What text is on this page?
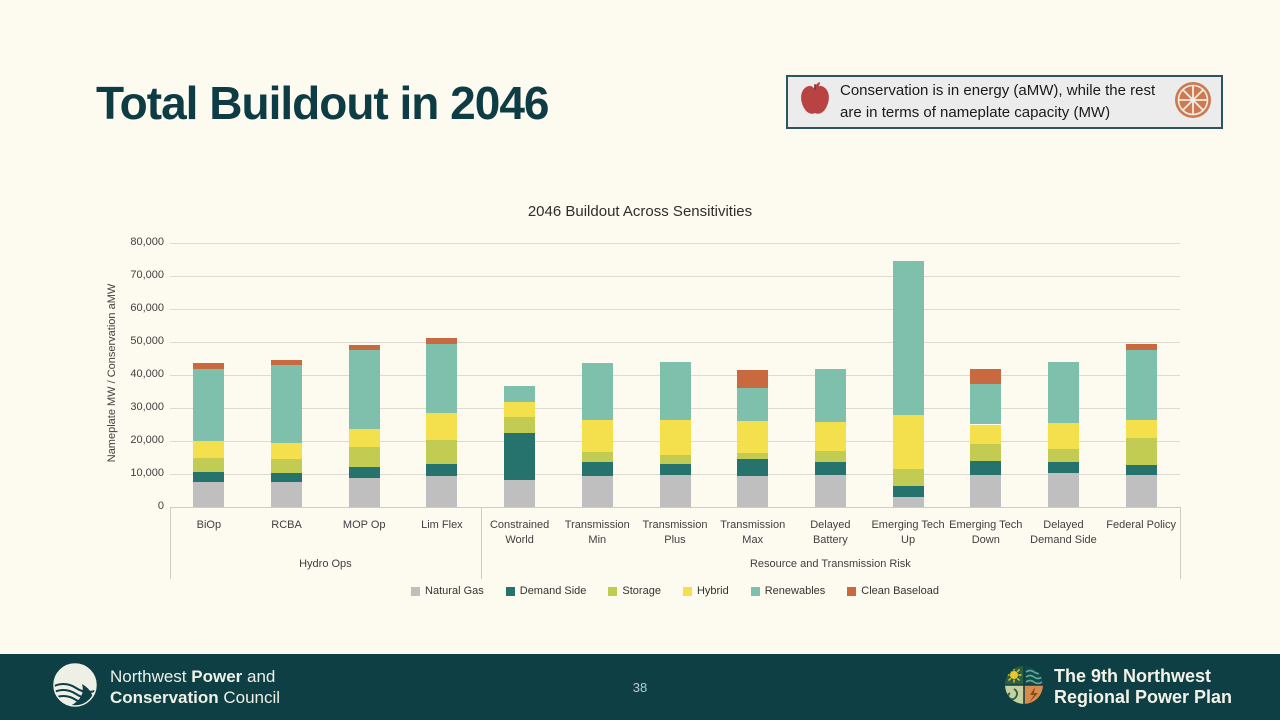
Total Buildout in 2046	Conservation is in energy (aMW), while the rest are in terms of nameplate capacity (MW)
2046 Buildout Across Sensitivities
0
10,000
20,000
30,000
40,000
50,000
60,000
70,000
80,000
Nameplate MW / Conservation aMW
BiOp	RCBA	MOP Op	Lim Flex	Constrained
World
Transmission
Min
Transmission
Plus
Transmission
Max
Delayed
Battery
Emerging Tech
Up
Emerging Tech
Down
Delayed
Demand Side
Federal Policy
Hydro Ops	Resource and Transmission Risk
Natural Gas	Demand Side	Storage	Hybrid	Renewables	Clean Baseload
Northwest Power and
Conservation Council
38
The 9th Northwest
Regional Power Plan
